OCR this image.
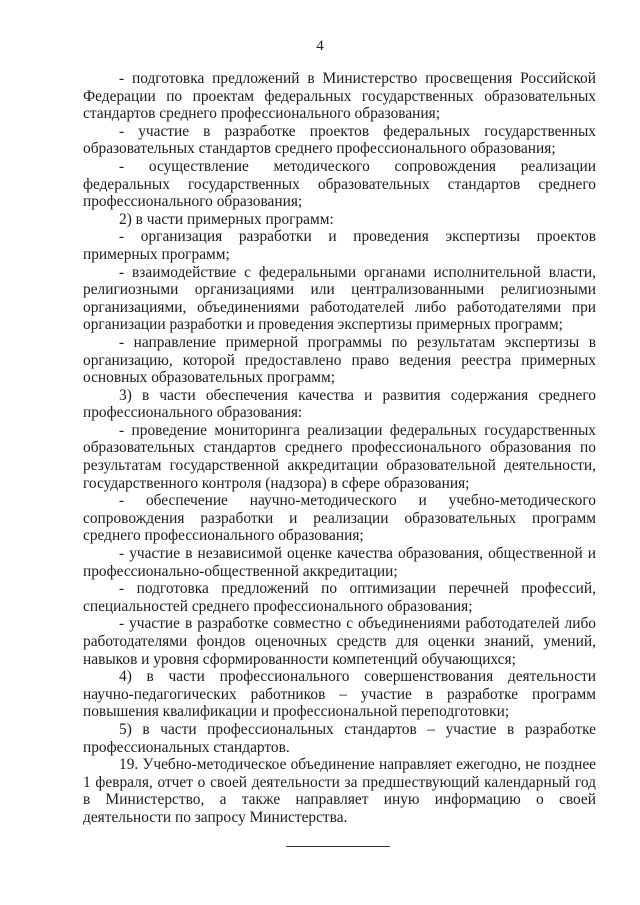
4

- подготовка предложений в Министерство просвещения Российской Федерации по проектам федеральных государственных образовательных стандартов среднего профессионального образования;

- участие в разработке проектов федеральных государственных образовательных стандартов среднего профессионального образования;

- осуществление методического сопровождения реализации федеральных государственных образовательных стандартов среднего профессионального образования;

2) в части примерных программ:

- организация разработки и проведения экспертизы проектов примерных программ;

- взаимодействие с федеральными органами исполнительной власти, религиозными организациями или централизованными религиозными организациями, объединениями работодателей либо работодателями при организации разработки и проведения экспертизы примерных программ;

- направление примерной программы по результатам экспертизы в организацию, которой предоставлено право ведения реестра примерных основных образовательных программ;

3) в части обеспечения качества и развития содержания среднего профессионального образования:

- проведение мониторинга реализации федеральных государственных образовательных стандартов среднего профессионального образования по результатам государственной аккредитации образовательной деятельности, государственного контроля (надзора) в сфере образования;

- обеспечение научно-методического и учебно-методического сопровождения разработки и реализации образовательных программ среднего профессионального образования;

- участие в независимой оценке качества образования, общественной и профессионально-общественной аккредитации;

- подготовка предложений по оптимизации перечней профессий, специальностей среднего профессионального образования;

- участие в разработке совместно с объединениями работодателей либо работодателями фондов оценочных средств для оценки знаний, умений, навыков и уровня сформированности компетенций обучающихся;

4) в части профессионального совершенствования деятельности научно-педагогических работников – участие в разработке программ повышения квалификации и профессиональной переподготовки;

5) в части профессиональных стандартов – участие в разработке профессиональных стандартов.

19. Учебно-методическое объединение направляет ежегодно, не позднее 1 февраля, отчет о своей деятельности за предшествующий календарный год в Министерство, а также направляет иную информацию о своей деятельности по запросу Министерства.
